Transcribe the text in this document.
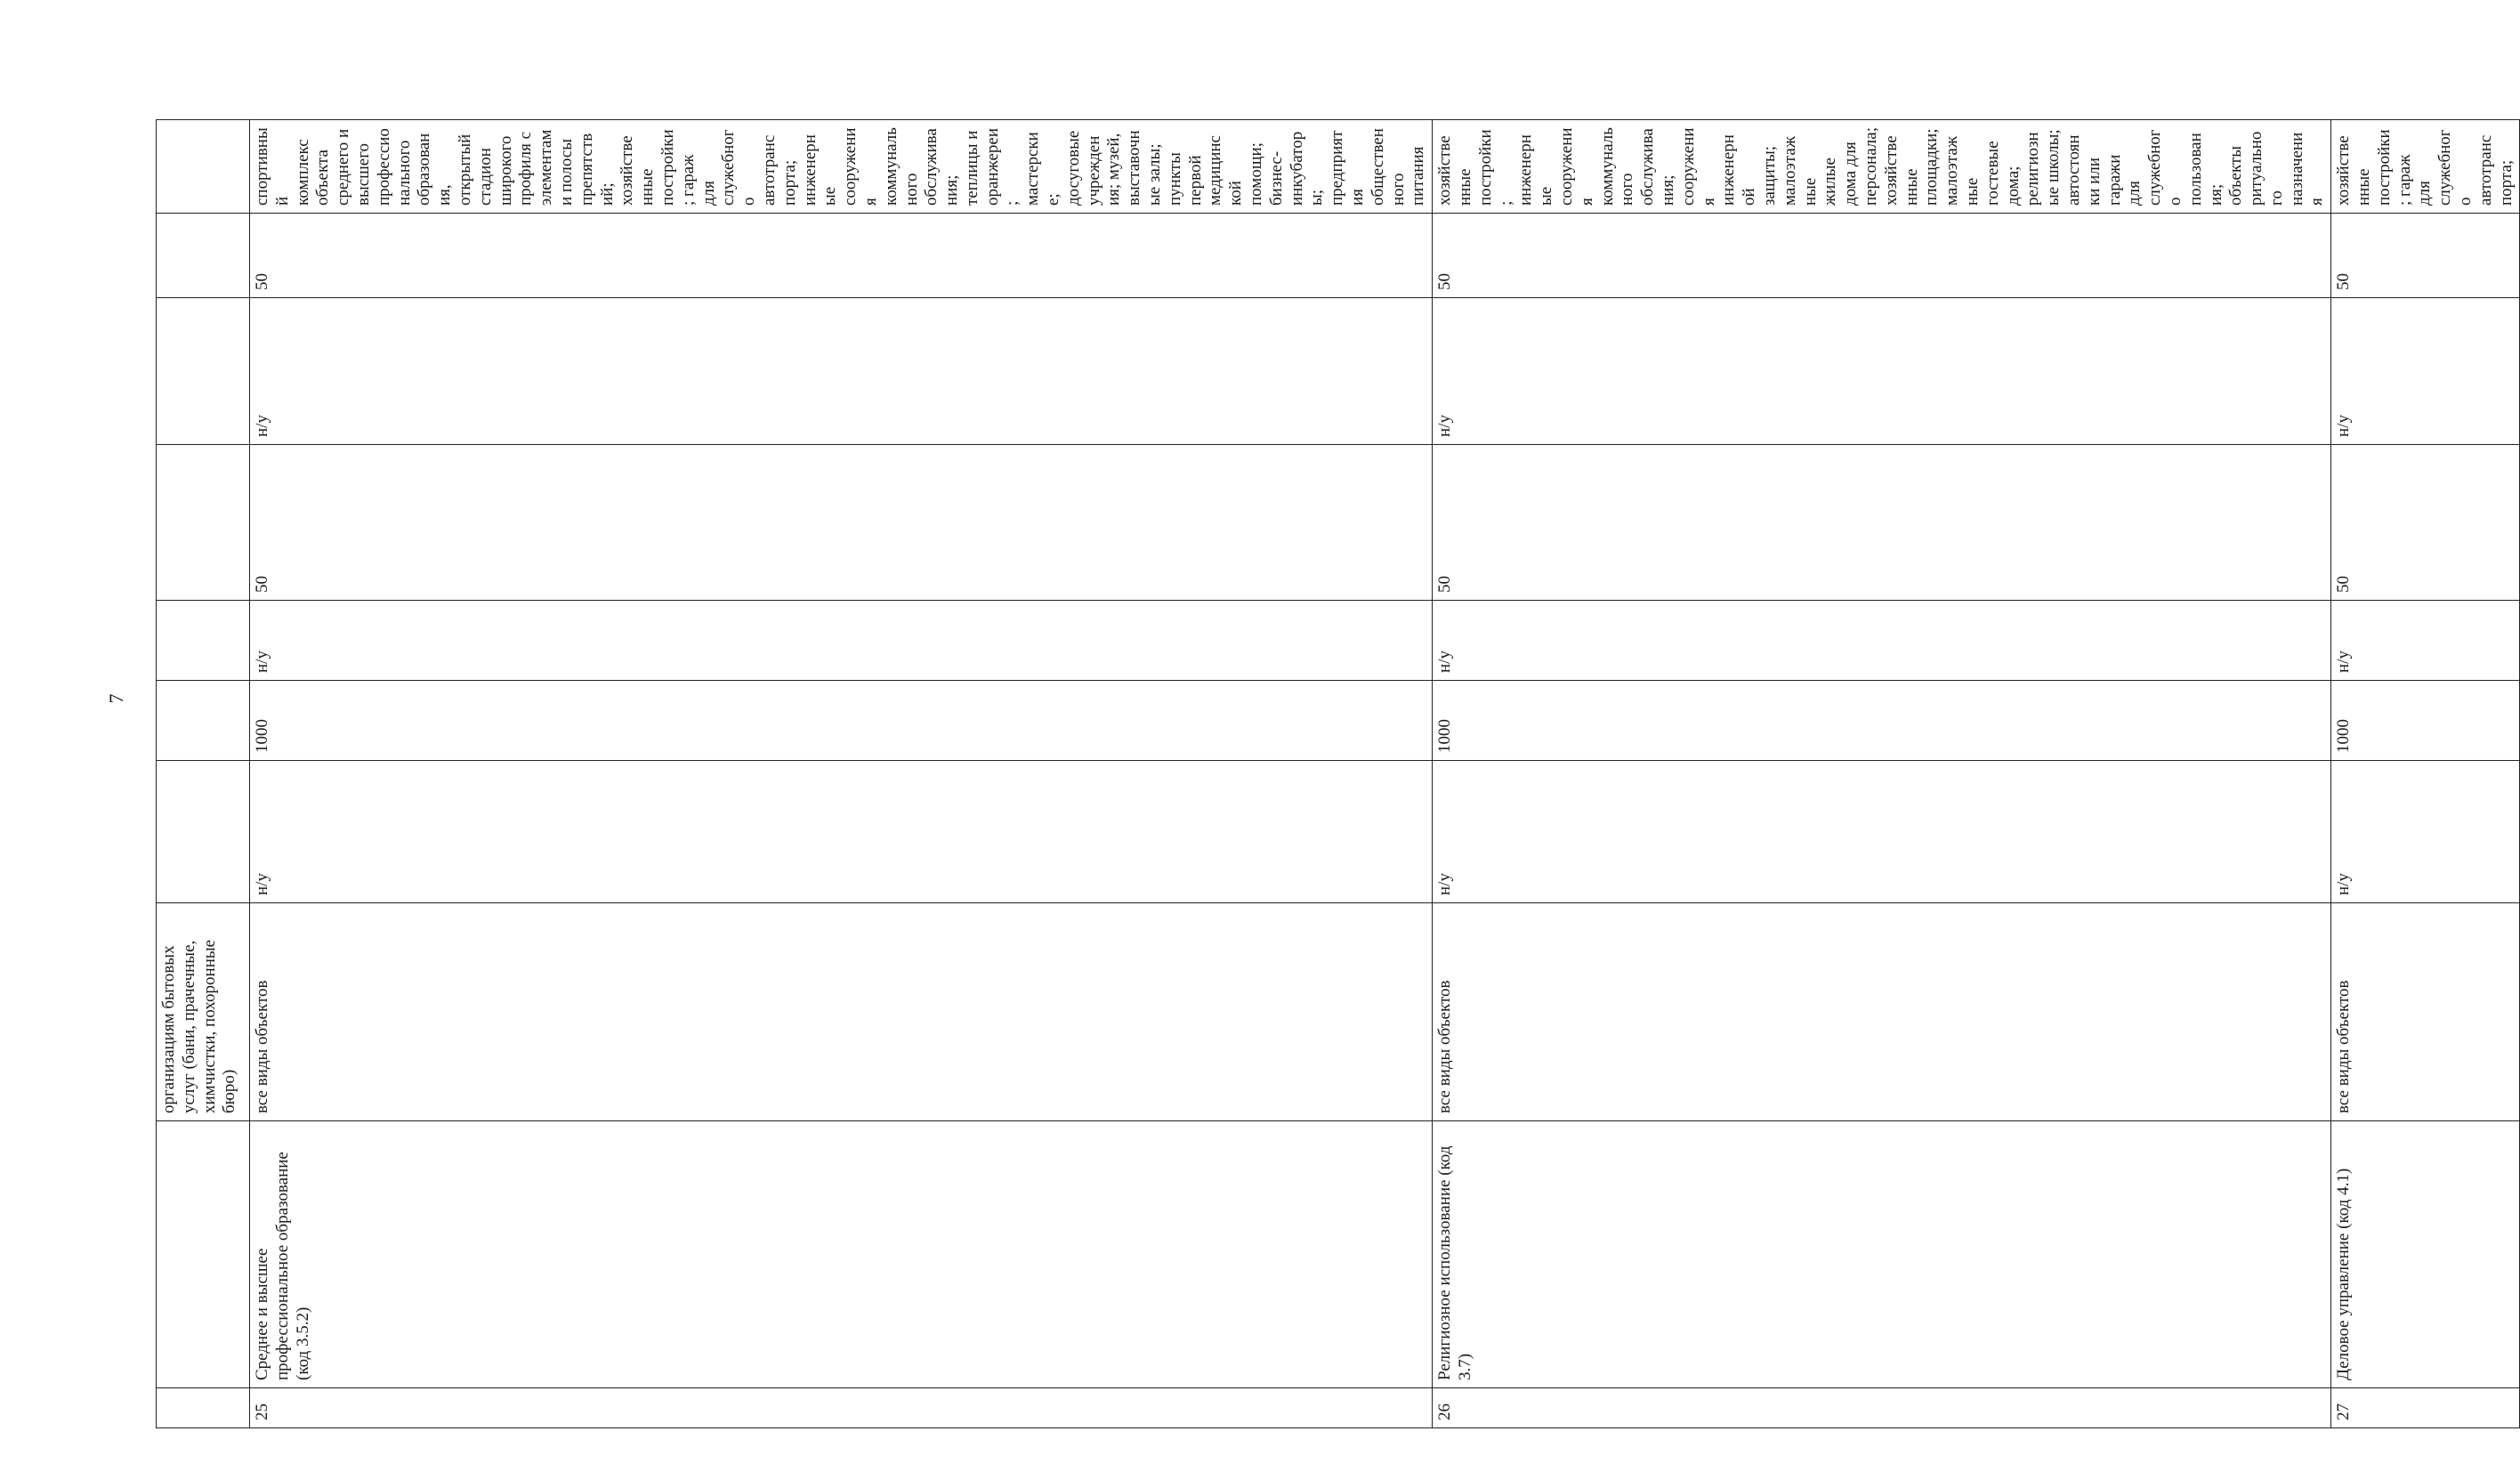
7

		организациям бытовых услуг (бани, прачечные, химчистки, похоронные бюро)							

25	Среднее и высшее профессиональное образование (код 3.5.2)	все виды объектов	н/у	1000	н/у	50	н/у	50	спортивный комплекс объекта среднего и высшего профессионального образования, открытый стадион широкого профиля с элементами полосы препятствий; хозяйственные постройки; гараж для служебного автотранспорта; инженерные сооружения коммунального обслуживания; теплицы и оранжереи; мастерские; досуговые учреждения; музей, выставочные залы; пункты первой медицинской помощи; бизнес-инкубаторы; предприятия общественного питания
26	Религиозное использование (код 3.7)	все виды объектов	н/у	1000	н/у	50	н/у	50	хозяйственные постройки; инженерные сооружения коммунального обслуживания; сооружения инженерной защиты; малоэтажные жилые дома для персонала; хозяйственные площадки; малоэтажные гостевые дома; религиозные школы; автостоянки или гаражи для служебного пользования; объекты ритуального назначения
27	Деловое управление (код 4.1)	все виды объектов	н/у	1000	н/у	50	н/у	50	хозяйственные постройки; гараж для служебного автотранспорта;
